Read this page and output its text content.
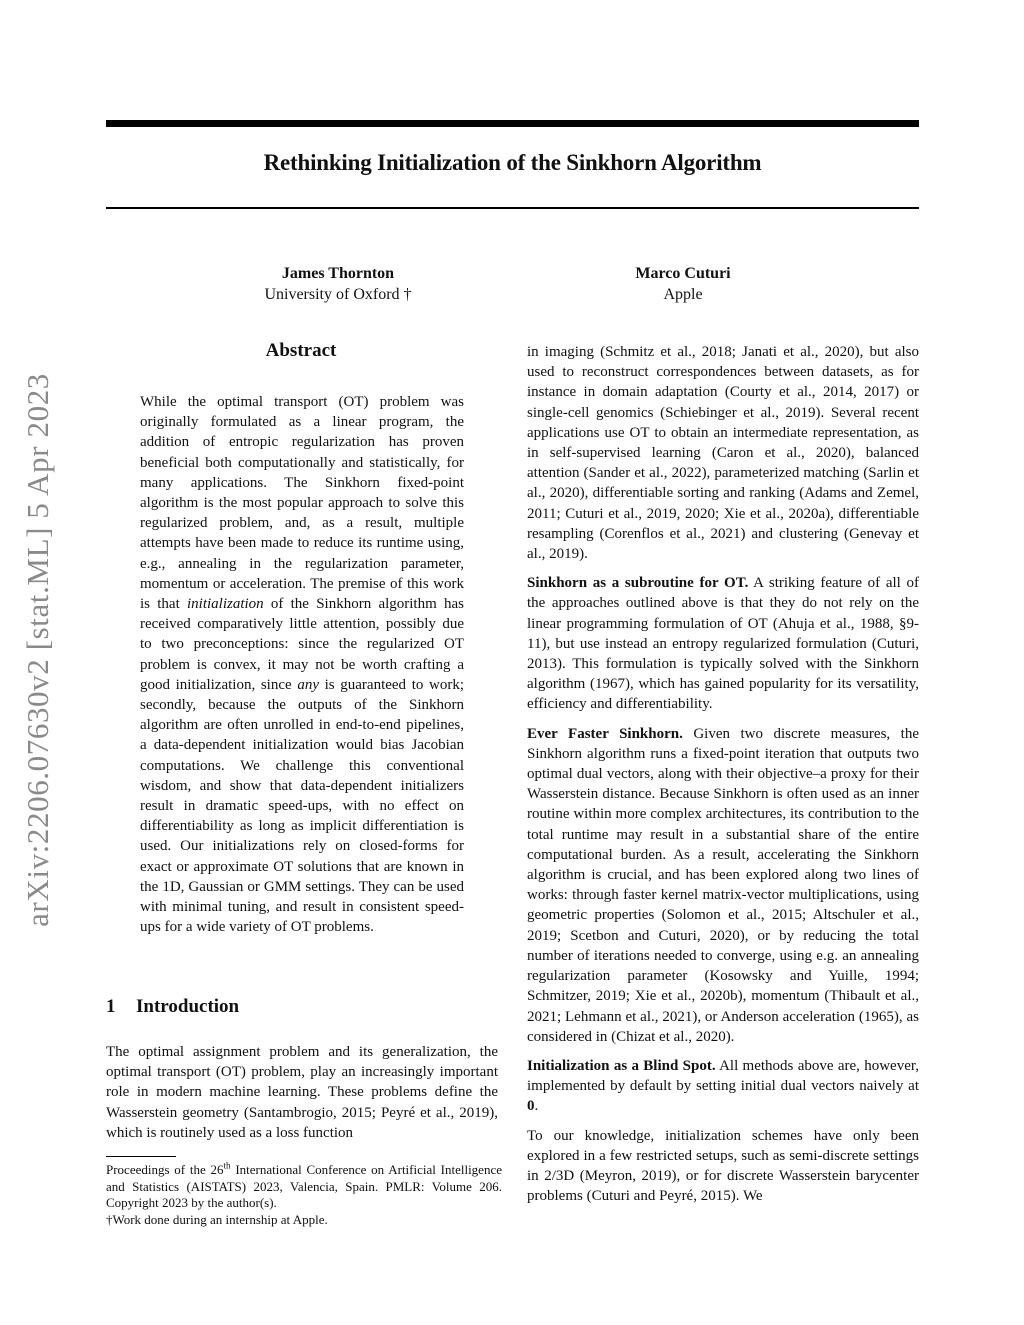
arXiv:2206.07630v2 [stat.ML] 5 Apr 2023
Rethinking Initialization of the Sinkhorn Algorithm
James Thornton
University of Oxford †
Marco Cuturi
Apple
Abstract
While the optimal transport (OT) problem was originally formulated as a linear program, the addition of entropic regularization has proven beneficial both computationally and statistically, for many applications. The Sinkhorn fixed-point algorithm is the most popular approach to solve this regularized problem, and, as a result, multiple attempts have been made to reduce its runtime using, e.g., annealing in the regularization parameter, momentum or acceleration. The premise of this work is that initialization of the Sinkhorn algorithm has received comparatively little attention, possibly due to two preconceptions: since the regularized OT problem is convex, it may not be worth crafting a good initialization, since any is guaranteed to work; secondly, because the outputs of the Sinkhorn algorithm are often unrolled in end-to-end pipelines, a data-dependent initialization would bias Jacobian computations. We challenge this conventional wisdom, and show that data-dependent initializers result in dramatic speed-ups, with no effect on differentiability as long as implicit differentiation is used. Our initializations rely on closed-forms for exact or approximate OT solutions that are known in the 1D, Gaussian or GMM settings. They can be used with minimal tuning, and result in consistent speed-ups for a wide variety of OT problems.
1 Introduction
The optimal assignment problem and its generalization, the optimal transport (OT) problem, play an increasingly important role in modern machine learning. These problems define the Wasserstein geometry (Santambrogio, 2015; Peyré et al., 2019), which is routinely used as a loss function

Proceedings of the 26th International Conference on Artificial Intelligence and Statistics (AISTATS) 2023, Valencia, Spain. PMLR: Volume 206. Copyright 2023 by the author(s).

†Work done during an internship at Apple.

in imaging (Schmitz et al., 2018; Janati et al., 2020), but also used to reconstruct correspondences between datasets, as for instance in domain adaptation (Courty et al., 2014, 2017) or single-cell genomics (Schiebinger et al., 2019). Several recent applications use OT to obtain an intermediate representation, as in self-supervised learning (Caron et al., 2020), balanced attention (Sander et al., 2022), parameterized matching (Sarlin et al., 2020), differentiable sorting and ranking (Adams and Zemel, 2011; Cuturi et al., 2019, 2020; Xie et al., 2020a), differentiable resampling (Corenflos et al., 2021) and clustering (Genevay et al., 2019).

Sinkhorn as a subroutine for OT. A striking feature of all of the approaches outlined above is that they do not rely on the linear programming formulation of OT (Ahuja et al., 1988, §9-11), but use instead an entropy regularized formulation (Cuturi, 2013). This formulation is typically solved with the Sinkhorn algorithm (1967), which has gained popularity for its versatility, efficiency and differentiability.

Ever Faster Sinkhorn. Given two discrete measures, the Sinkhorn algorithm runs a fixed-point iteration that outputs two optimal dual vectors, along with their objective–a proxy for their Wasserstein distance. Because Sinkhorn is often used as an inner routine within more complex architectures, its contribution to the total runtime may result in a substantial share of the entire computational burden. As a result, accelerating the Sinkhorn algorithm is crucial, and has been explored along two lines of works: through faster kernel matrix-vector multiplications, using geometric properties (Solomon et al., 2015; Altschuler et al., 2019; Scetbon and Cuturi, 2020), or by reducing the total number of iterations needed to converge, using e.g. an annealing regularization parameter (Kosowsky and Yuille, 1994; Schmitzer, 2019; Xie et al., 2020b), momentum (Thibault et al., 2021; Lehmann et al., 2021), or Anderson acceleration (1965), as considered in (Chizat et al., 2020).

Initialization as a Blind Spot. All methods above are, however, implemented by default by setting initial dual vectors naively at 0.

To our knowledge, initialization schemes have only been explored in a few restricted setups, such as semi-discrete settings in 2/3D (Meyron, 2019), or for discrete Wasserstein barycenter problems (Cuturi and Peyré, 2015). We
